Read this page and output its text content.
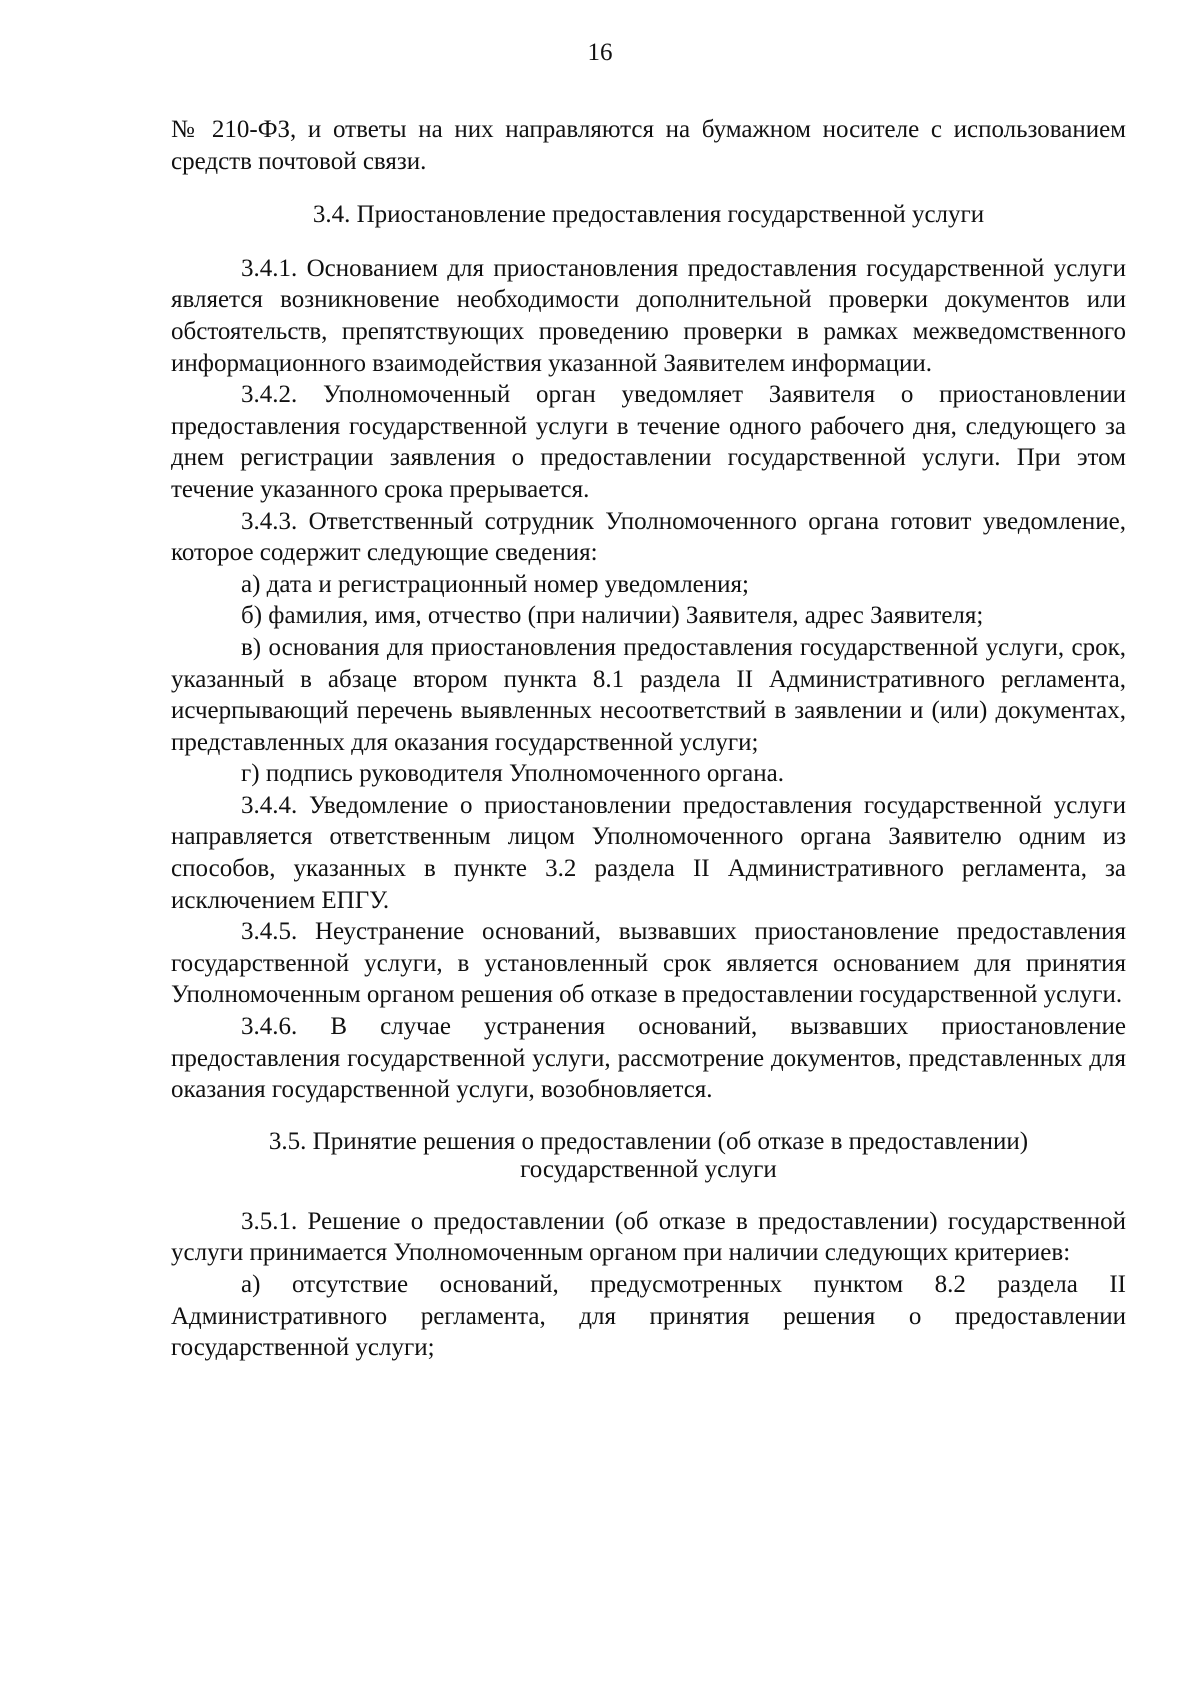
16

№ 210-ФЗ, и ответы на них направляются на бумажном носителе с использованием средств почтовой связи.

3.4. Приостановление предоставления государственной услуги

3.4.1. Основанием для приостановления предоставления государственной услуги является возникновение необходимости дополнительной проверки документов или обстоятельств, препятствующих проведению проверки в рамках межведомственного информационного взаимодействия указанной Заявителем информации.

3.4.2. Уполномоченный орган уведомляет Заявителя о приостановлении предоставления государственной услуги в течение одного рабочего дня, следующего за днем регистрации заявления о предоставлении государственной услуги. При этом течение указанного срока прерывается.

3.4.3. Ответственный сотрудник Уполномоченного органа готовит уведомление, которое содержит следующие сведения:

а) дата и регистрационный номер уведомления;

б) фамилия, имя, отчество (при наличии) Заявителя, адрес Заявителя;

в) основания для приостановления предоставления государственной услуги, срок, указанный в абзаце втором пункта 8.1 раздела II Административного регламента, исчерпывающий перечень выявленных несоответствий в заявлении и (или) документах, представленных для оказания государственной услуги;

г) подпись руководителя Уполномоченного органа.

3.4.4. Уведомление о приостановлении предоставления государственной услуги направляется ответственным лицом Уполномоченного органа Заявителю одним из способов, указанных в пункте 3.2 раздела II Административного регламента, за исключением ЕПГУ.

3.4.5. Неустранение оснований, вызвавших приостановление предоставления государственной услуги, в установленный срок является основанием для принятия Уполномоченным органом решения об отказе в предоставлении государственной услуги.

3.4.6. В случае устранения оснований, вызвавших приостановление предоставления государственной услуги, рассмотрение документов, представленных для оказания государственной услуги, возобновляется.

3.5. Принятие решения о предоставлении (об отказе в предоставлении)
государственной услуги

3.5.1. Решение о предоставлении (об отказе в предоставлении) государственной услуги принимается Уполномоченным органом при наличии следующих критериев:

а) отсутствие оснований, предусмотренных пунктом 8.2 раздела II Административного регламента, для принятия решения о предоставлении государственной услуги;
